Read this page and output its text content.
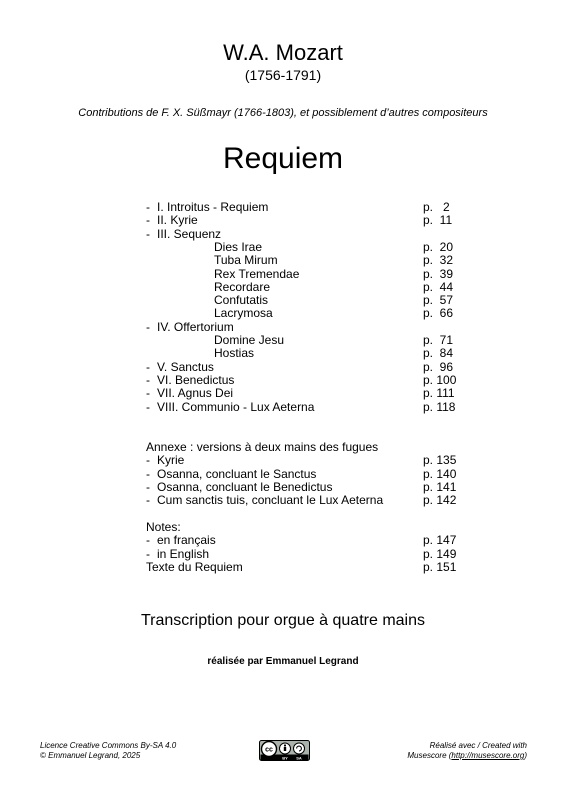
W.A. Mozart
(1756-1791)
Contributions de F. X. Süßmayr (1766-1803), et possiblement d’autres compositeurs
Requiem
- I. Introitus - Requiem	p.   2
- II. Kyrie	p.  11
- III. Sequenz
Dies Irae	p.  20
Tuba Mirum	p.  32
Rex Tremendae	p.  39
Recordare	p.  44
Confutatis	p.  57
Lacrymosa	p.  66
- IV. Offertorium
Domine Jesu	p.  71
Hostias	p.  84
- V. Sanctus	p.  96
- VI. Benedictus	p. 100
- VII. Agnus Dei	p. 111
- VIII. Communio - Lux Aeterna	p. 118
Annexe : versions à deux mains des fugues
- Kyrie	p. 135
- Osanna, concluant le Sanctus	p. 140
- Osanna, concluant le Benedictus	p. 141
- Cum sanctis tuis, concluant le Lux Aeterna	p. 142
Notes:
- en français	p. 147
- in English	p. 149
Texte du Requiem	p. 151
Transcription pour orgue à quatre mains
réalisée par Emmanuel Legrand
Licence Creative Commons By-SA 4.0
© Emmanuel Legrand, 2025
cc
BY SA
Réalisé avec / Created with
Musescore (http://musescore.org)
